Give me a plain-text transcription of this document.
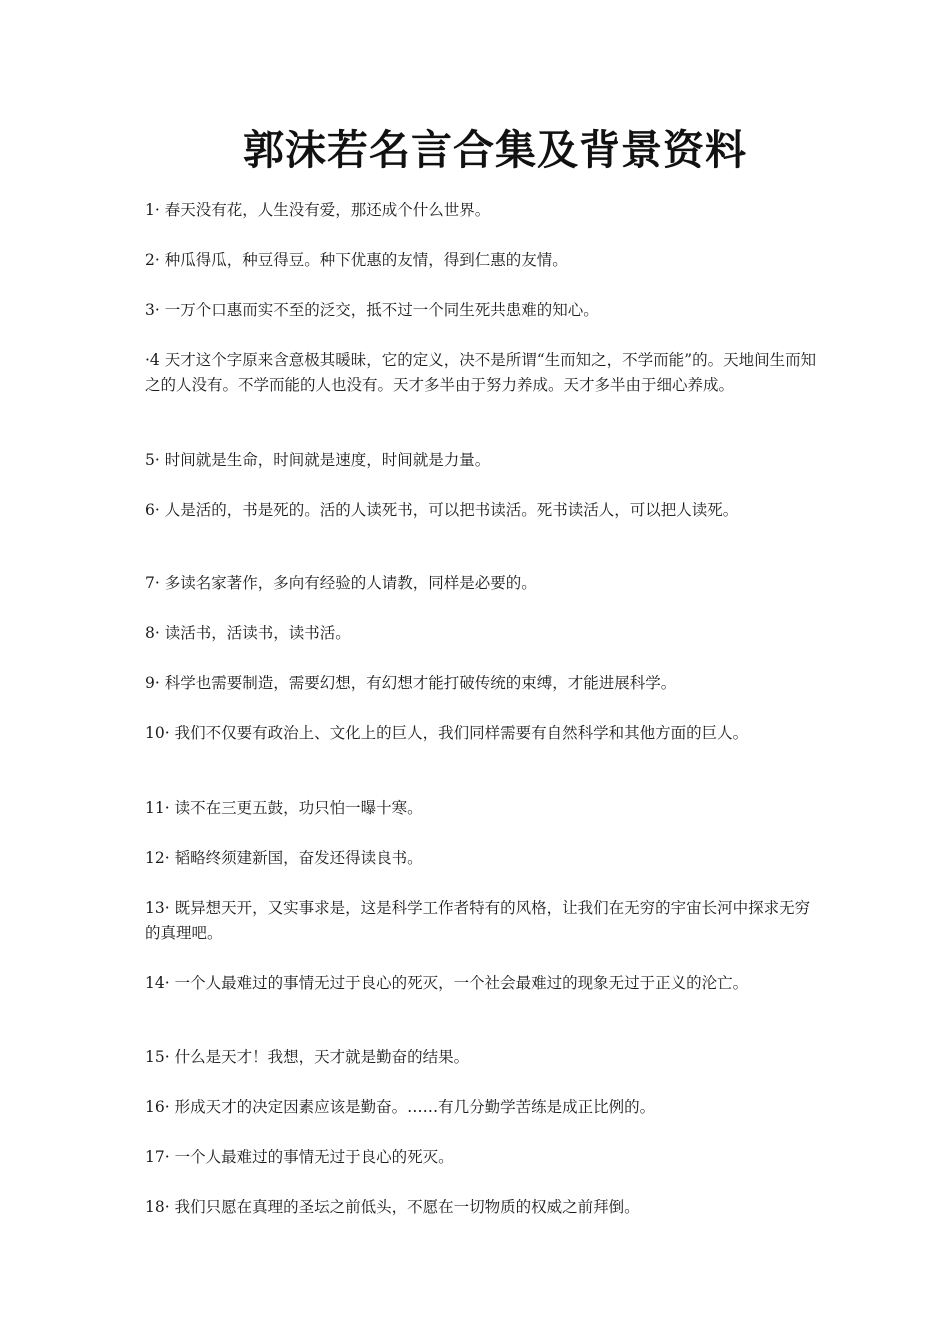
郭沫若名言合集及背景资料
1· 春天没有花，人生没有爱，那还成个什么世界。
2· 种瓜得瓜，种豆得豆。种下优惠的友情，得到仁惠的友情。
3· 一万个口惠而实不至的泛交，抵不过一个同生死共患难的知心。
·4 天才这个字原来含意极其暖昧，它的定义，决不是所谓“生而知之，不学而能”的。天地间生而知之的人没有。不学而能的人也没有。天才多半由于努力养成。天才多半由于细心养成。
5· 时间就是生命，时间就是速度，时间就是力量。
6· 人是活的，书是死的。活的人读死书，可以把书读活。死书读活人，可以把人读死。
7· 多读名家著作，多向有经验的人请教，同样是必要的。
8· 读活书，活读书，读书活。
9· 科学也需要制造，需要幻想，有幻想才能打破传统的束缚，才能进展科学。
10· 我们不仅要有政治上、文化上的巨人，我们同样需要有自然科学和其他方面的巨人。
11· 读不在三更五鼓，功只怕一曝十寒。
12· 韬略终须建新国，奋发还得读良书。
13· 既异想天开，又实事求是，这是科学工作者特有的风格，让我们在无穷的宇宙长河中探求无穷的真理吧。
14· 一个人最难过的事情无过于良心的死灭，一个社会最难过的现象无过于正义的沦亡。
15· 什么是天才！我想，天才就是勤奋的结果。
16· 形成天才的决定因素应该是勤奋。……有几分勤学苦练是成正比例的。
17· 一个人最难过的事情无过于良心的死灭。
18· 我们只愿在真理的圣坛之前低头，不愿在一切物质的权威之前拜倒。
